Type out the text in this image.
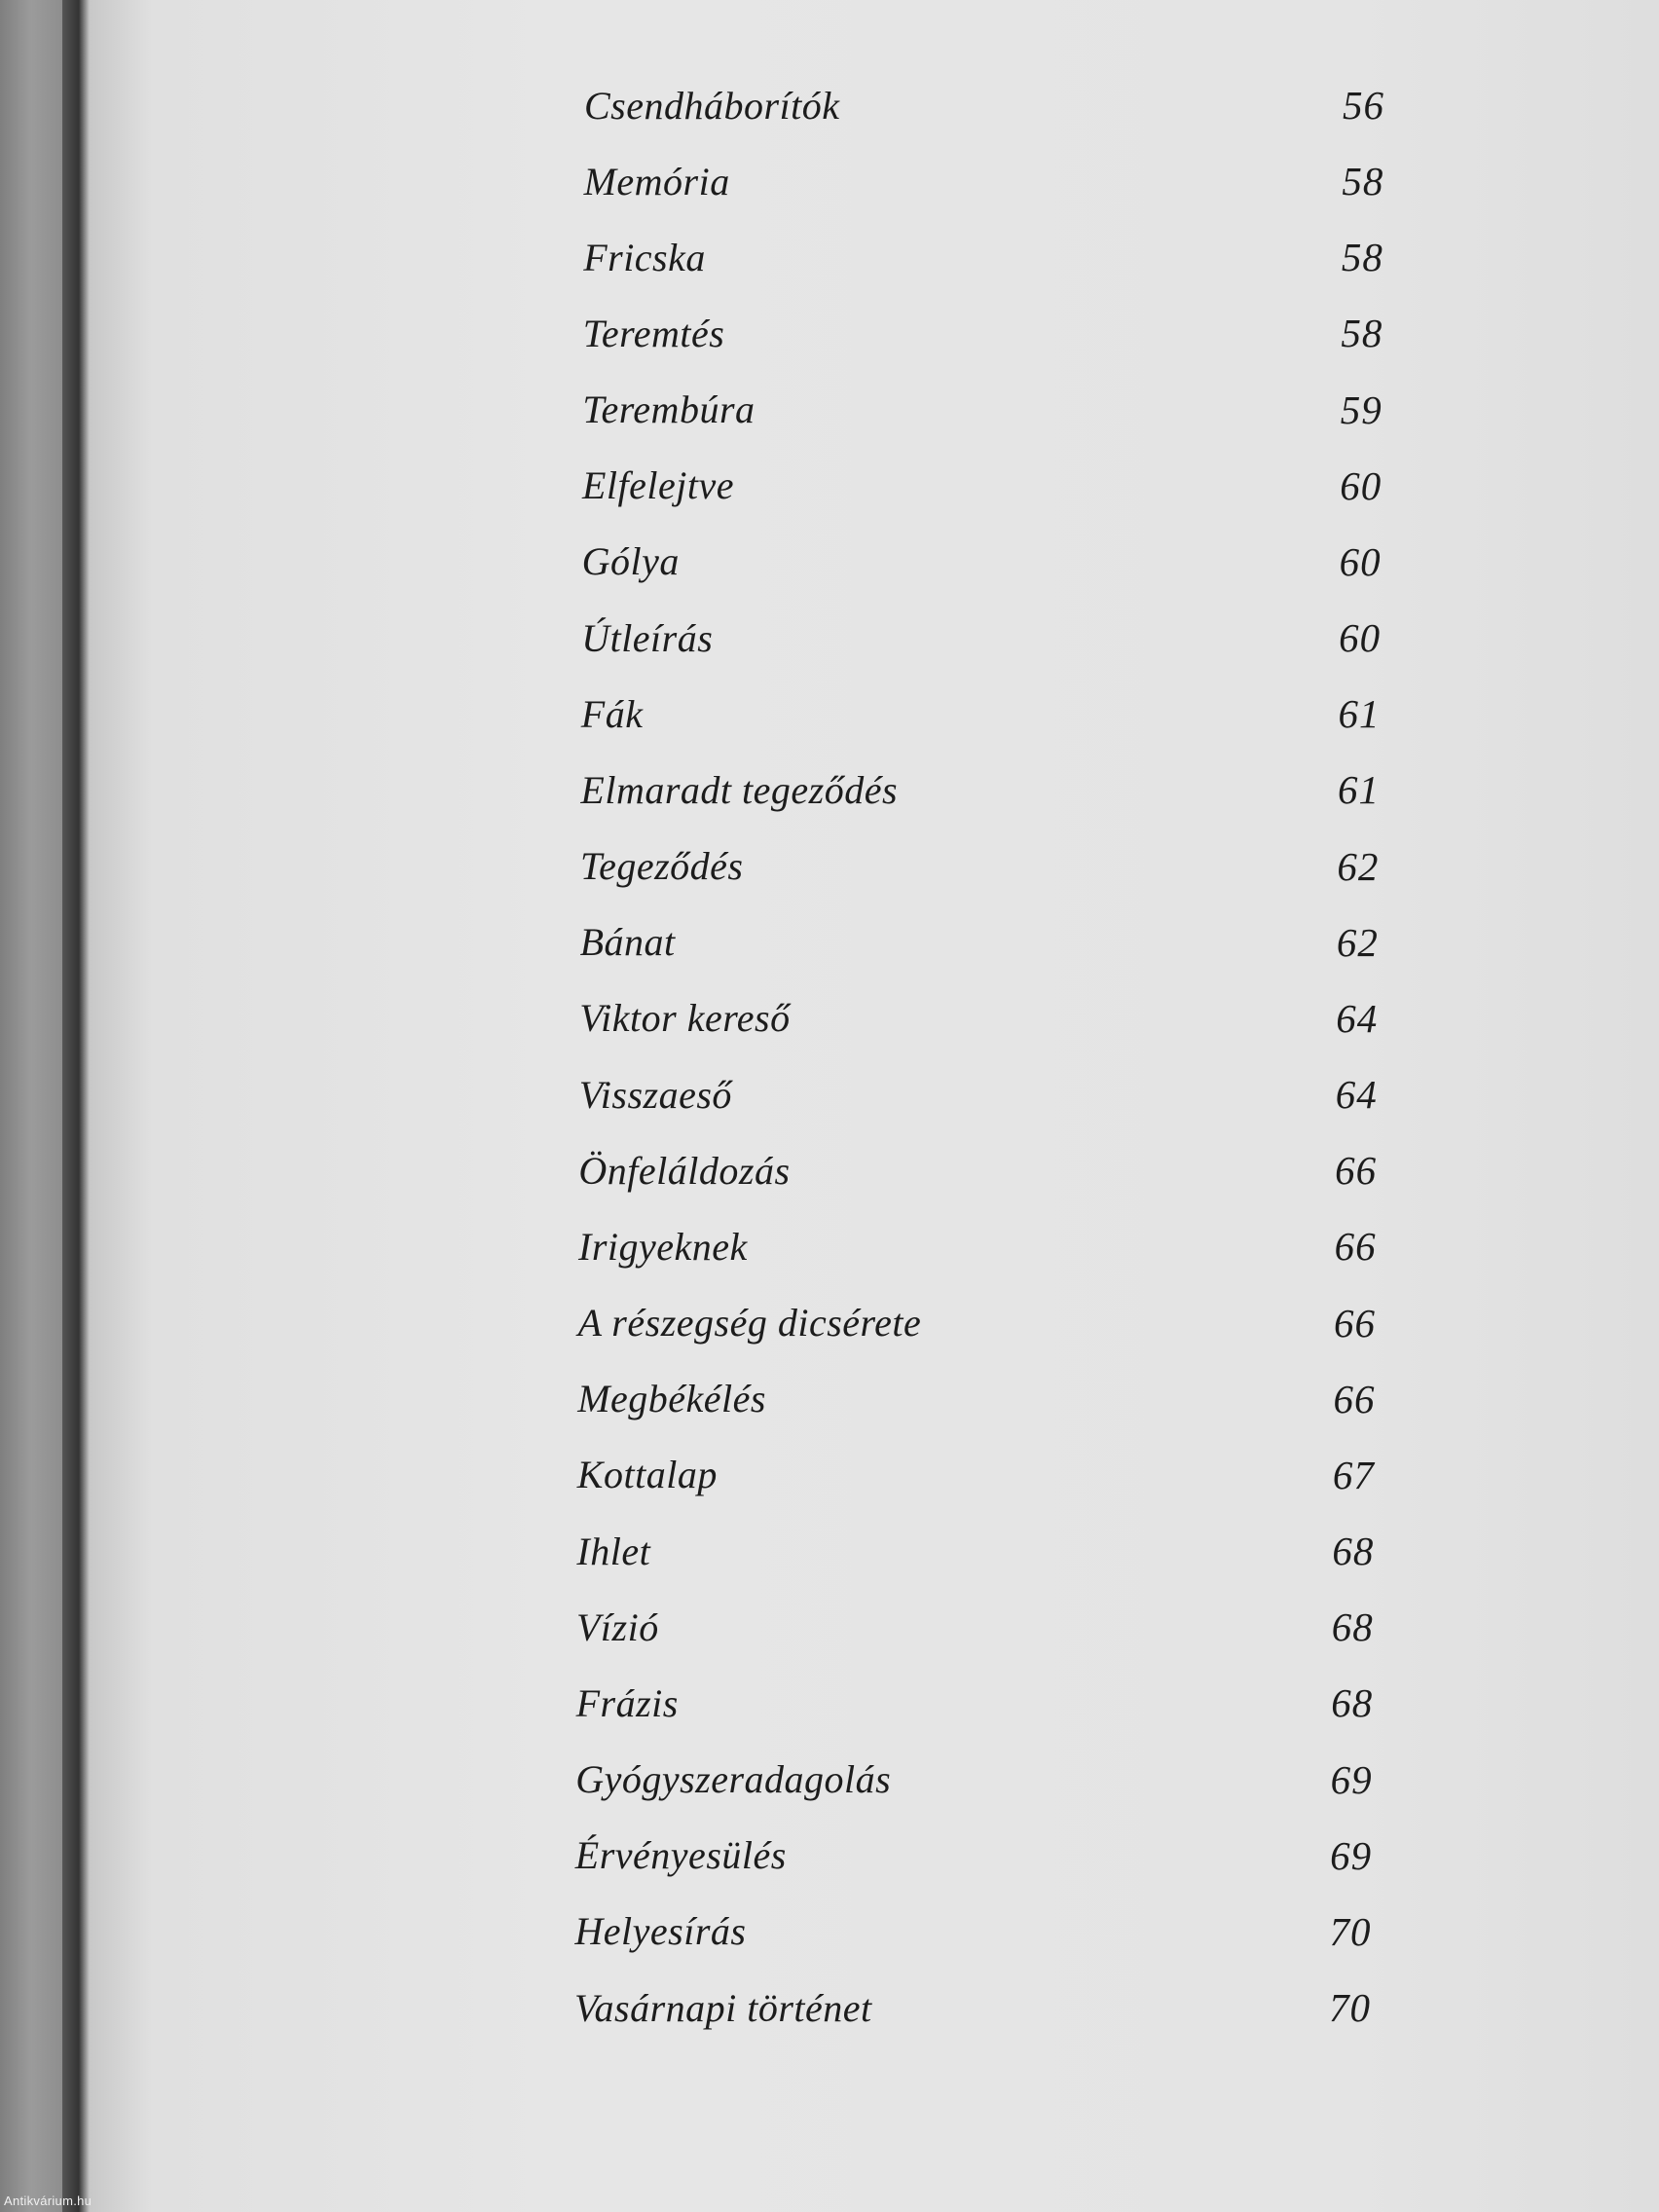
Csendháborítók	56
Memória	58
Fricska	58
Teremtés	58
Terembúra	59
Elfelejtve	60
Gólya	60
Útleírás	60
Fák	61
Elmaradt tegeződés	61
Tegeződés	62
Bánat	62
Viktor kereső	64
Visszaeső	64
Önfeláldozás	66
Irigyeknek	66
A részegség dicsérete	66
Megbékélés	66
Kottalap	67
Ihlet	68
Vízió	68
Frázis	68
Gyógyszeradagolás	69
Érvényesülés	69
Helyesírás	70
Vasárnapi történet	70
Antikvárium.hu
